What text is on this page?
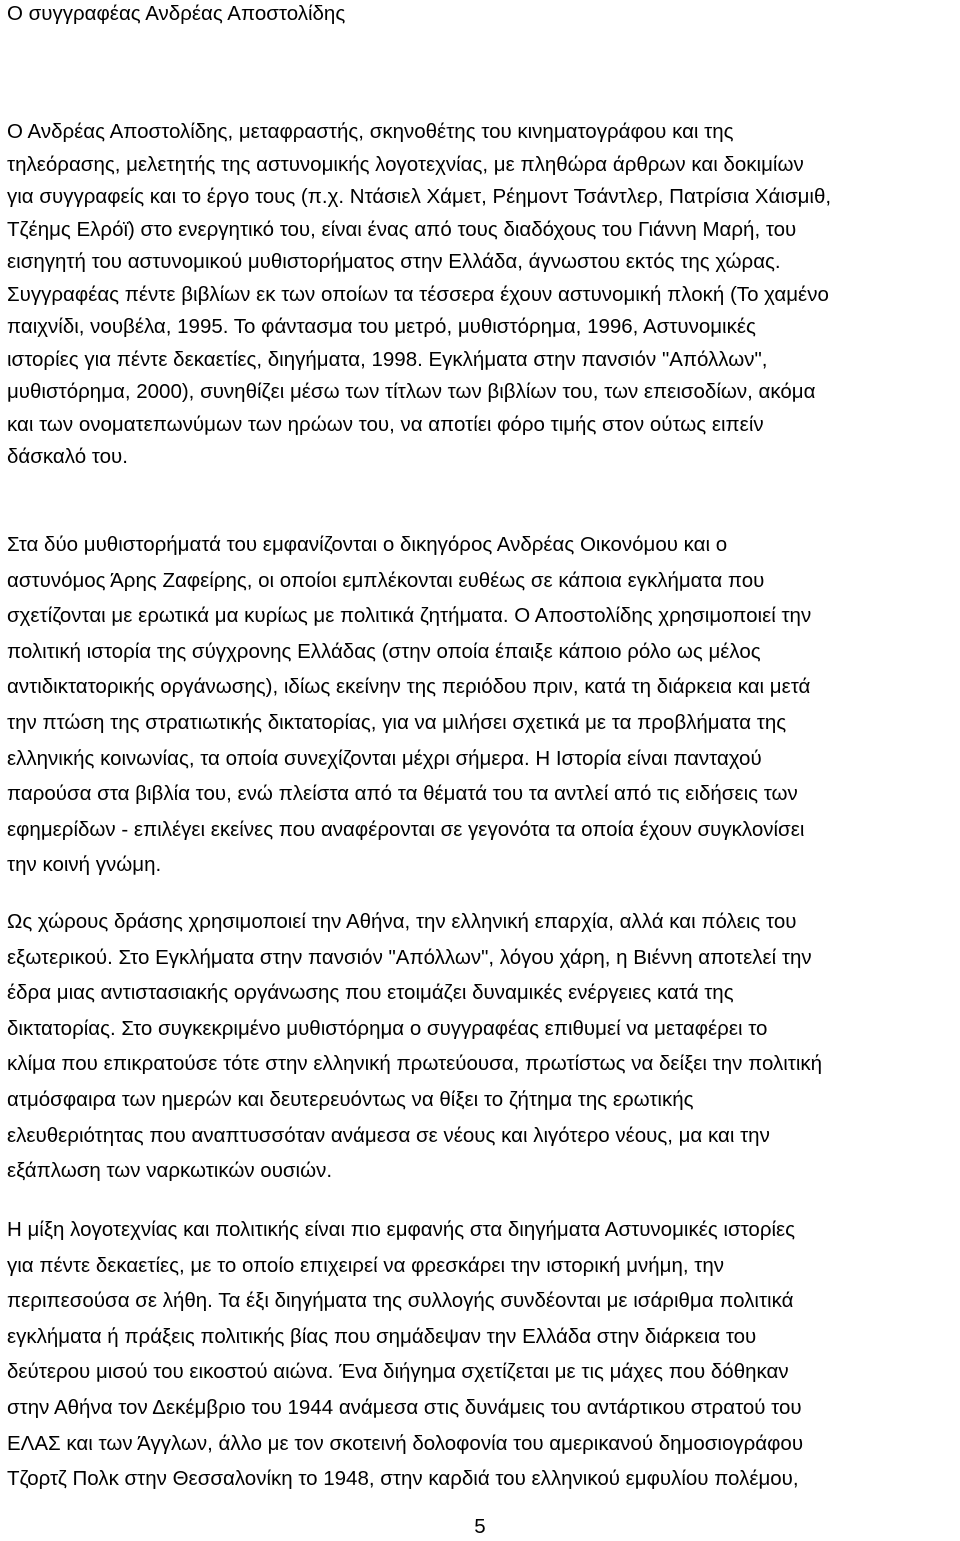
Ο συγγραφέας Ανδρέας Αποστολίδης

Ο Ανδρέας Αποστολίδης, μεταφραστής, σκηνοθέτης του κινηματογράφου και της
τηλεόρασης, μελετητής της αστυνομικής λογοτεχνίας, με πληθώρα άρθρων και δοκιμίων
για συγγραφείς και το έργο τους (π.χ. Ντάσιελ Χάμετ, Ρέημοντ Τσάντλερ, Πατρίσια Χάισμιθ,
Τζέημς Ελρόϊ) στο ενεργητικό του, είναι ένας από τους διαδόχους του Γιάννη Μαρή, του
εισηγητή του αστυνομικού μυθιστορήματος στην Ελλάδα, άγνωστου εκτός της χώρας.
Συγγραφέας πέντε βιβλίων εκ των οποίων τα τέσσερα έχουν αστυνομική πλοκή (Το χαμένο
παιχνίδι, νουβέλα, 1995. Το φάντασμα του μετρό, μυθιστόρημα, 1996, Αστυνομικές
ιστορίες για πέντε δεκαετίες, διηγήματα, 1998. Εγκλήματα στην πανσιόν "Απόλλων",
μυθιστόρημα, 2000), συνηθίζει μέσω των τίτλων των βιβλίων του, των επεισοδίων, ακόμα
και των ονοματεπωνύμων των ηρώων του, να αποτίει φόρο τιμής στον ούτως ειπείν
δάσκαλό του.

Στα δύο μυθιστορήματά του εμφανίζονται ο δικηγόρος Ανδρέας Οικονόμου και ο
αστυνόμος Άρης Ζαφείρης, οι οποίοι εμπλέκονται ευθέως σε κάποια εγκλήματα που
σχετίζονται με ερωτικά μα κυρίως με πολιτικά ζητήματα. Ο Αποστολίδης χρησιμοποιεί την
πολιτική ιστορία της σύγχρονης Ελλάδας (στην οποία έπαιξε κάποιο ρόλο ως μέλος
αντιδικτατορικής οργάνωσης), ιδίως εκείνην της περιόδου πριν, κατά τη διάρκεια και μετά
την πτώση της στρατιωτικής δικτατορίας, για να μιλήσει σχετικά με τα προβλήματα της
ελληνικής κοινωνίας, τα οποία συνεχίζονται μέχρι σήμερα. Η Ιστορία είναι πανταχού
παρούσα στα βιβλία του, ενώ πλείστα από τα θέματά του τα αντλεί από τις ειδήσεις των
εφημερίδων - επιλέγει εκείνες που αναφέρονται σε γεγονότα τα οποία έχουν συγκλονίσει
την κοινή γνώμη.

Ως χώρους δράσης χρησιμοποιεί την Αθήνα, την ελληνική επαρχία, αλλά και πόλεις του
εξωτερικού. Στο Εγκλήματα στην πανσιόν "Απόλλων", λόγου χάρη, η Βιέννη αποτελεί την
έδρα μιας αντιστασιακής οργάνωσης που ετοιμάζει δυναμικές ενέργειες κατά της
δικτατορίας. Στο συγκεκριμένο μυθιστόρημα ο συγγραφέας επιθυμεί να μεταφέρει το
κλίμα που επικρατούσε τότε στην ελληνική πρωτεύουσα, πρωτίστως να δείξει την πολιτική
ατμόσφαιρα των ημερών και δευτερευόντως να θίξει το ζήτημα της ερωτικής
ελευθεριότητας που αναπτυσσόταν ανάμεσα σε νέους και λιγότερο νέους, μα και την
εξάπλωση των ναρκωτικών ουσιών.

Η μίξη λογοτεχνίας και πολιτικής είναι πιο εμφανής στα διηγήματα Αστυνομικές ιστορίες
για πέντε δεκαετίες, με το οποίο επιχειρεί να φρεσκάρει την ιστορική μνήμη, την
περιπεσούσα σε λήθη. Τα έξι διηγήματα της συλλογής συνδέονται με ισάριθμα πολιτικά
εγκλήματα ή πράξεις πολιτικής βίας που σημάδεψαν την Ελλάδα στην διάρκεια του
δεύτερου μισού του εικοστού αιώνα. Ένα διήγημα σχετίζεται με τις μάχες που δόθηκαν
στην Αθήνα τον Δεκέμβριο του 1944 ανάμεσα στις δυνάμεις του αντάρτικου στρατού του
ΕΛΑΣ και των Άγγλων, άλλο με τον σκοτεινή δολοφονία του αμερικανού δημοσιογράφου
Τζορτζ Πολκ στην Θεσσαλονίκη το 1948, στην καρδιά του ελληνικού εμφυλίου πολέμου,

5
